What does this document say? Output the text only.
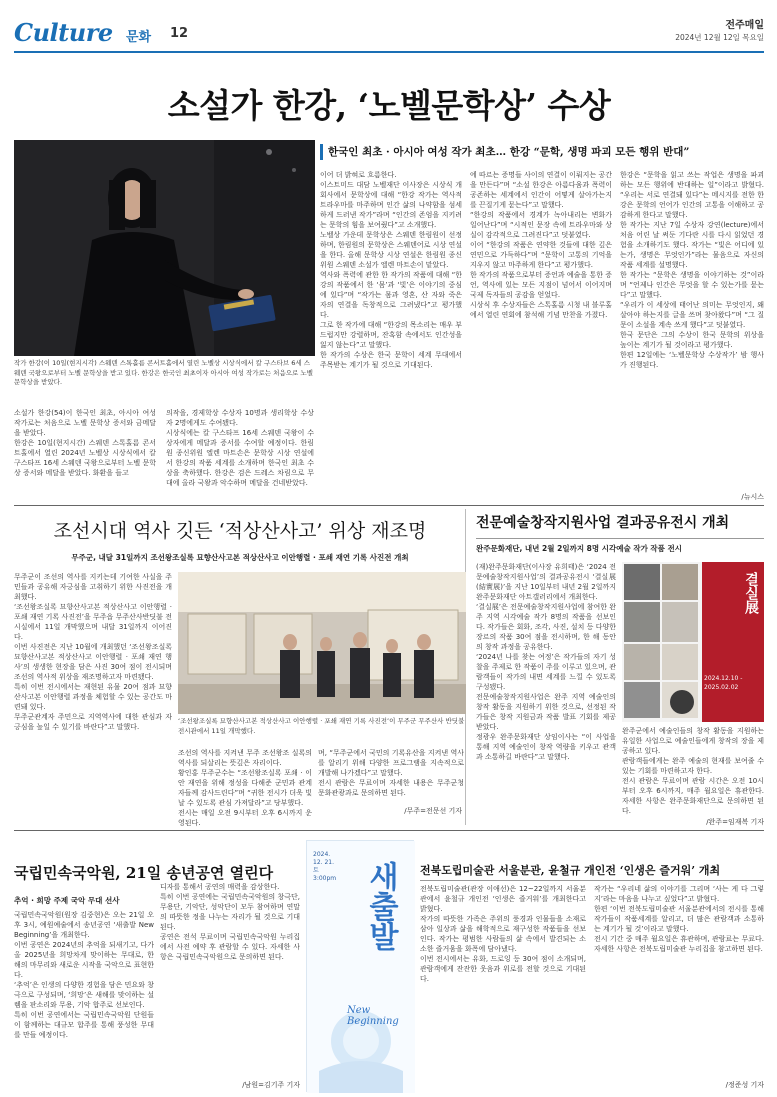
Culture 문화 12
전주매일
2024년 12월 12일 목요일
소설가 한강, ‘노벨문학상’ 수상
작가 한강(이 10일(현지시각) 스웨덴 스톡홀름 콘서트홀에서 열린 노벨상 시상식에서 칼 구스타브 6세 스웨덴 국왕으로부터 노벨 문학상을 받고 있다. 한강은 한국인 최초이자 아시아 여성 작가로는 처음으로 노벨 문학상을 받았다.
한국인 최초 · 아시아 여성 작가 최초… 한강 “문학, 생명 파괴 모든 행위 반대”
소설가 한강(54)이 한국인 최초, 아시아 여성 작가로는 처음으로 노벨 문학상 증서와 금메달을 받았다.
한강은 10일(현지시간) 스웨덴 스톡홀름 콘서트홀에서 열린 2024년 노벨상 시상식에서 칼 구스타프 16세 스웨덴 국왕으로부터 노벨 문학상 증서와 메달을 받았다. 화환을 들고
의작을, 경제학상 수상자 10명과 생리학상 수상자 2명에게도 수여됐다.
시상식에는 칼 구스타프 16세 스웨덴 국왕이 수상자에게 메달과 증서를 수여할 예정이다. 한림원 종신위원 엘렌 마트손은 문학상 시상 연설에서 한강의 작품 세계를 소개하며 한국인 최초 수상을 축하했다. 한강은 검은 드레스 차림으로 무대에 올라 국왕과 악수하며 메달을 건네받았다.
이어 더 밝혀로 흐름한다.
이스트미드 대담 노벨재단 이사장은 시상식 개회사에서 문학상에 대해 “한강 작가는 역사적 트라우마를 마주하며 인간 삶의 나약함을 섬세하게 드러낸 작가”라며 “인간의 존엄을 지키려는 문학의 힘을 보여줬다”고 소개했다.
노벨상 가운데 문학상은 스웨덴 한림원이 선정하며, 한림원의 문학상은 스웨덴어로 시상 연설을 한다. 올해 문학상 시상 연설은 한림원 종신위원 스웨덴 소설가 엘렌 마트손이 맡았다.
역사와 폭력에 관한 한 작가의 작품에 대해 “한강의 작품에서 한 ‘몸’과 ‘빛’은 이야기의 중심에 있다”며 “작가는 몸과 영혼, 산 자와 죽은 자의 연결을 독창적으로 그려냈다”고 평가했다.
그로 한 작가에 대해 “한강의 목소리는 매우 부드럽지만 강렬하며, 잔혹함 속에서도 인간성을 잃지 않는다”고 말했다.
한 작가의 수상은 한국 문학이 세계 무대에서 주목받는 계기가 될 것으로 기대된다.
에 따르는 증명들 사이의 연결이 이뤄지는 공간을 만든다”며 “소설 한강은 아름다움과 폭력이 공존하는 세계에서 인간이 어떻게 살아가는지를 끈질기게 묻는다”고 말했다.
“한강의 작품에서 경계가 녹아내리는 변화가 일어난다”며 “시적인 문장 속에 트라우마와 상실이 감각적으로 그려진다”고 덧붙였다.
이어 “한강의 작품은 연약한 것들에 대한 깊은 연민으로 가득하다”며 “문학이 고통의 기억을 지우지 않고 마주하게 한다”고 평가했다.
한 작가의 작품으로부터 증언과 예술을 통한 증언, 역사에 있는 모든 지점이 넘어서 이어지며 국제 독자들의 공감을 얻었다.
시상식 후 수상자들은 스톡홀름 시청 내 블루홀에서 열린 연회에 참석해 기념 만찬을 가졌다.
한강은 “문학을 읽고 쓰는 작업은 생명을 파괴하는 모든 행위에 반대하는 일”이라고 밝혔다. “우리는 서로 연결돼 있다”는 메시지를 전한 한강은 문학의 언어가 인간의 고통을 이해하고 공감하게 한다고 말했다.
한 작가는 지난 7일 수상자 강연(lecture)에서 처음 어린 날 써둔 기다란 시를 다시 읽었던 경험을 소개하기도 했다. 작가는 “빛은 어디에 있는가, 생명은 무엇인가”라는 물음으로 자신의 작품 세계를 설명했다.
한 작가는 “문학은 생명을 이야기하는 것”이라며 “언제나 인간은 무엇을 할 수 있는가를 묻는다”고 말했다.
“우리가 이 세상에 태어난 의미는 무엇인지, 왜 살아야 하는지를 글을 쓰며 찾아왔다”며 “그 질문이 소설을 계속 쓰게 했다”고 덧붙였다.
한국 문단은 그의 수상이 한국 문학의 위상을 높이는 계기가 될 것이라고 평가했다.
한편 12일에는 ‘노벨문학상 수상작가’ 밤 행사가 진행된다.
/뉴시스
조선시대 역사 깃든 ‘적상산사고’ 위상 재조명
무주군, 내달 31일까지 조선왕조실록 묘향산사고본 적상산사고 이안행렬 · 포쇄 재연 기록 사진전 개최
무주군이 조선의 역사를 지키는데 기여한 사실을 주민들과 공유해 자긍심을 고취하기 위한 사진전을 개최했다.
‘조선왕조실록 묘향산사고본 적상산사고 이안행렬 · 포쇄 재연 기록 사진전’을 무주읍 무주산사반딧불 전시실에서 11일 개막했으며 내달 31일까지 이어진다.
이번 사진전은 지난 10월에 개최했던 ‘조선왕조실록 묘향산사고본 적상산사고 이안행렬 · 포쇄 재연 행사’의 생생한 현장을 담은 사진 30여 점이 전시되며 조선의 역사적 위상을 재조명하고자 마련됐다.
특히 이번 전시에서는 재현된 유물 20여 점과 묘향산사고본 이안행렬 과정을 체험할 수 있는 공간도 마련돼 있다.
무주군관계자 주민으로 지역역사에 대한 관심과 자긍심을 높일 수 있기를 바란다”고 말했다.
‘조선왕조실록 묘향산사고본 적상산사고 이안행렬 · 포쇄 재연 기록 사진전’이 무주군 무주산사 반딧불 전시관에서 11일 개막했다.
조선의 역사를 지켜낸 무주 조선왕조 실록의 역사를 되살리는 뜻깊은 자리이다.
황인홍 무주군수는 “조선왕조실록 포쇄 · 이안 재연을 위해 정성을 다해준 군민과 관계자들께 감사드린다”며 “귀한 전시가 더욱 빛날 수 있도록 관심 가져달라”고 당부했다.
전시는 매일 오전 9시부터 오후 6시까지 운영된다.
며, “무주군에서 국민의 기록유산을 지켜낸 역사를 알리기 위해 다양한 프로그램을 지속적으로 개발해 나가겠다”고 말했다.
전시 관람은 무료이며 자세한 내용은 무주군청 문화관광과로 문의하면 된다.
/무주=전문선 기자
전문예술창작지원사업 결과공유전시 개최
완주문화재단, 내년 2월 2일까지 8명 시각예술 작가 작품 전시
(재)완주문화재단(이사장 유희태)은 ‘2024 전문예술창작지원사업’의 결과공유전시 ‘결실展(結實展)’을 지난 10일부터 내년 2월 2일까지 완주문화재단 아트갤러리에서 개최한다.
‘결실展’은 전문예술창작지원사업에 참여한 완주 지역 시각예술 작가 8명의 작품을 선보인다. 작가들은 회화, 조각, 사진, 설치 등 다양한 장르의 작품 30여 점을 전시하며, 한 해 동안의 창작 과정을 공유한다.
‘2024년 나를 찾는 여정’은 작가들의 자기 성찰을 주제로 한 작품이 주를 이루고 있으며, 관람객들이 작가의 내면 세계를 느낄 수 있도록 구성됐다.
전문예술창작지원사업은 완주 지역 예술인의 창작 활동을 지원하기 위한 것으로, 선정된 작가들은 창작 지원금과 작품 발표 기회를 제공받았다.
정광우 완주문화재단 상임이사는 “이 사업을 통해 지역 예술인이 창작 역량을 키우고 관객과 소통하길 바란다”고 말했다.
결실展
2024.12.10 - 2025.02.02
완주군에서 예술인들의 창작 활동을 지원하는 유일한 사업으로 예술인들에게 창작의 장을 제공하고 있다.
관람객들에게는 완주 예술의 현재를 보여줄 수 있는 기회를 마련하고자 한다.
전시 관람은 무료이며 관람 시간은 오전 10시부터 오후 6시까지, 매주 월요일은 휴관한다. 자세한 사항은 완주문화재단으로 문의하면 된다.
/완주=임재복 기자
국립민속국악원, 21일 송년공연 열린다
추억 · 희망 주제 국악 무대 선사
국립민속국악원(원장 김중현)은 오는 21일 오후 3시, 예원예술에서 송년공연 ‘새출발 New Beginning’을 개최한다.
이번 공연은 2024년의 추억을 되새기고, 다가올 2025년을 희망차게 맞이하는 무대로, 한 해의 마무리와 새로운 시작을 국악으로 표현한다.
‘추억’은 인생의 다양한 경험을 담은 민요와 창극으로 구성되며, ‘희망’은 새해를 맞이하는 설렘을 판소리와 무용, 기악 합주로 선보인다.
특히 이번 공연에서는 국립민속국악원 단원들이 함께하는 대규모 합주를 통해 풍성한 무대를 만들 예정이다.
디자를 통해서 공연의 매력을 감상한다.
특히 이번 공연에는 국립민속국악원의 창극단, 무용단, 기악단, 성악단이 모두 참여하며 연말의 따뜻한 정을 나누는 자리가 될 것으로 기대된다.
공연은 전석 무료이며 국립민속국악원 누리집에서 사전 예약 후 관람할 수 있다. 자세한 사항은 국립민속국악원으로 문의하면 된다.
/남원=김기주 기자
2024. 12. 21. 토 3:00pm 새출발
New Beginning
전북도립미술관 서울분관, 윤철규 개인전 ‘인생은 즐거워’ 개최
전북도립미술관(관장 이애선)은 12~22일까지 서울분관에서 윤철규 개인전 ‘인생은 즐거워’를 개최한다고 밝혔다.
작가의 따뜻한 가족은 주위의 풍경과 인물들을 소재로 삼아 일상과 삶을 해학적으로 재구성한 작품들을 선보인다. 작가는 평범한 사람들의 삶 속에서 발견되는 소소한 즐거움을 화폭에 담아냈다.
이번 전시에서는 유화, 드로잉 등 30여 점이 소개되며, 관람객에게 잔잔한 웃음과 위로를 전할 것으로 기대된다.
작가는 “우리네 삶의 이야기를 그리며 ‘사는 게 다 그렇지’라는 마음을 나누고 싶었다”고 밝혔다.
한편 ‘이번 전북도립미술관 서울분관에서의 전시를 통해 작가들이 작품세계를 알리고, 더 많은 관람객과 소통하는 계기가 될 것’이라고 말했다.
전시 기간 중 매주 월요일은 휴관하며, 관람료는 무료다. 자세한 사항은 전북도립미술관 누리집을 참고하면 된다.
/정준성 기자
